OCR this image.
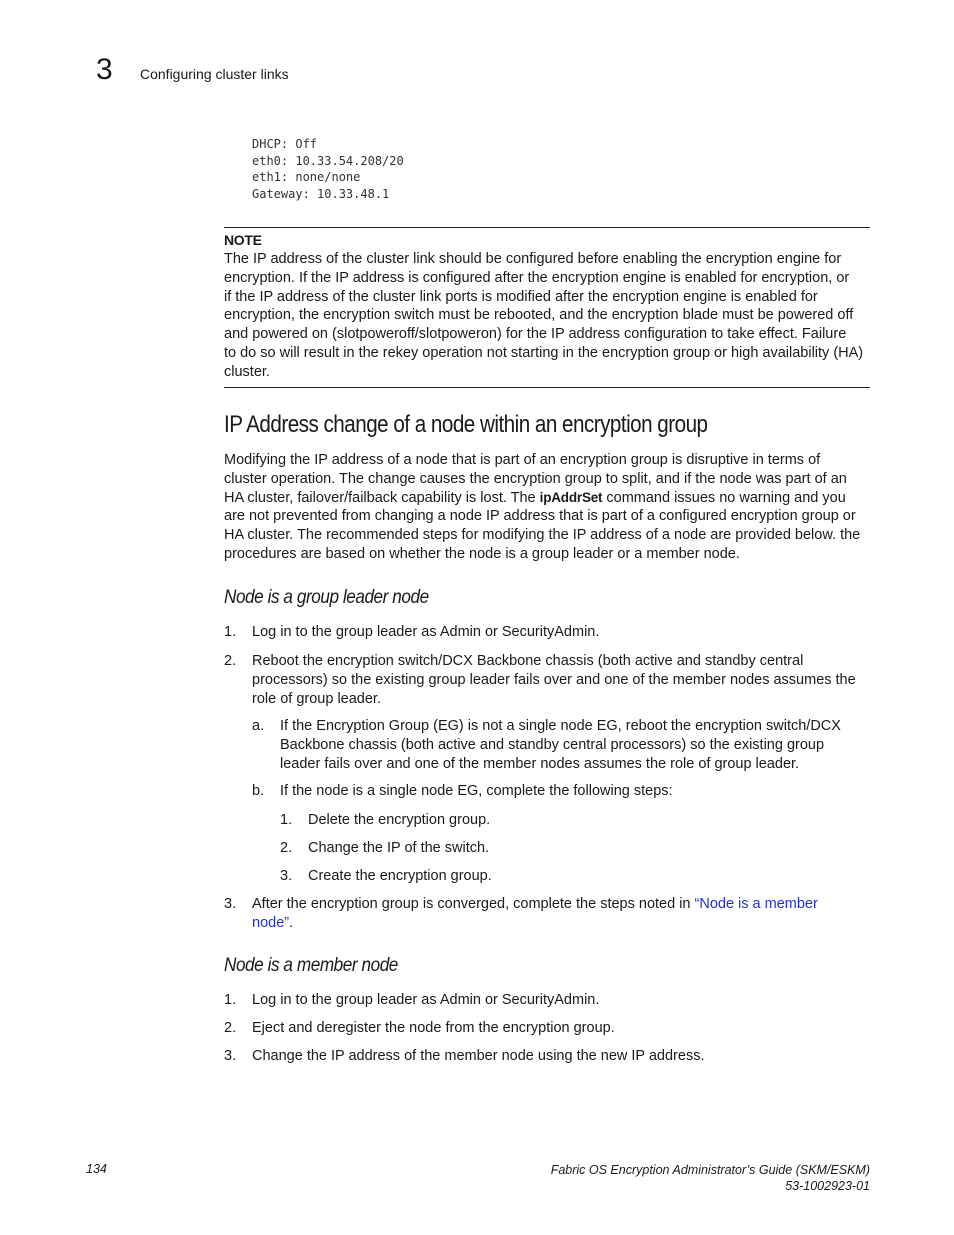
3 Configuring cluster links
DHCP: Off
eth0: 10.33.54.208/20
eth1: none/none
Gateway: 10.33.48.1
NOTE
The IP address of the cluster link should be configured before enabling the encryption engine for
encryption. If the IP address is configured after the encryption engine is enabled for encryption, or
if the IP address of the cluster link ports is modified after the encryption engine is enabled for
encryption, the encryption switch must be rebooted, and the encryption blade must be powered off
and powered on (slotpoweroff/slotpoweron) for the IP address configuration to take effect. Failure
to do so will result in the rekey operation not starting in the encryption group or high availability (HA)
cluster.
IP Address change of a node within an encryption group
Modifying the IP address of a node that is part of an encryption group is disruptive in terms of
cluster operation. The change causes the encryption group to split, and if the node was part of an
HA cluster, failover/failback capability is lost. The ipAddrSet command issues no warning and you
are not prevented from changing a node IP address that is part of a configured encryption group or
HA cluster. The recommended steps for modifying the IP address of a node are provided below. the
procedures are based on whether the node is a group leader or a member node.
Node is a group leader node
1. Log in to the group leader as Admin or SecurityAdmin.
2. Reboot the encryption switch/DCX Backbone chassis (both active and standby central
processors) so the existing group leader fails over and one of the member nodes assumes the
role of group leader.
a. If the Encryption Group (EG) is not a single node EG, reboot the encryption switch/DCX
Backbone chassis (both active and standby central processors) so the existing group
leader fails over and one of the member nodes assumes the role of group leader.
b. If the node is a single node EG, complete the following steps:
1. Delete the encryption group.
2. Change the IP of the switch.
3. Create the encryption group.
3. After the encryption group is converged, complete the steps noted in “Node is a member
node”.
Node is a member node
1. Log in to the group leader as Admin or SecurityAdmin.
2. Eject and deregister the node from the encryption group.
3. Change the IP address of the member node using the new IP address.
134	Fabric OS Encryption Administrator’s Guide (SKM/ESKM)
53-1002923-01
